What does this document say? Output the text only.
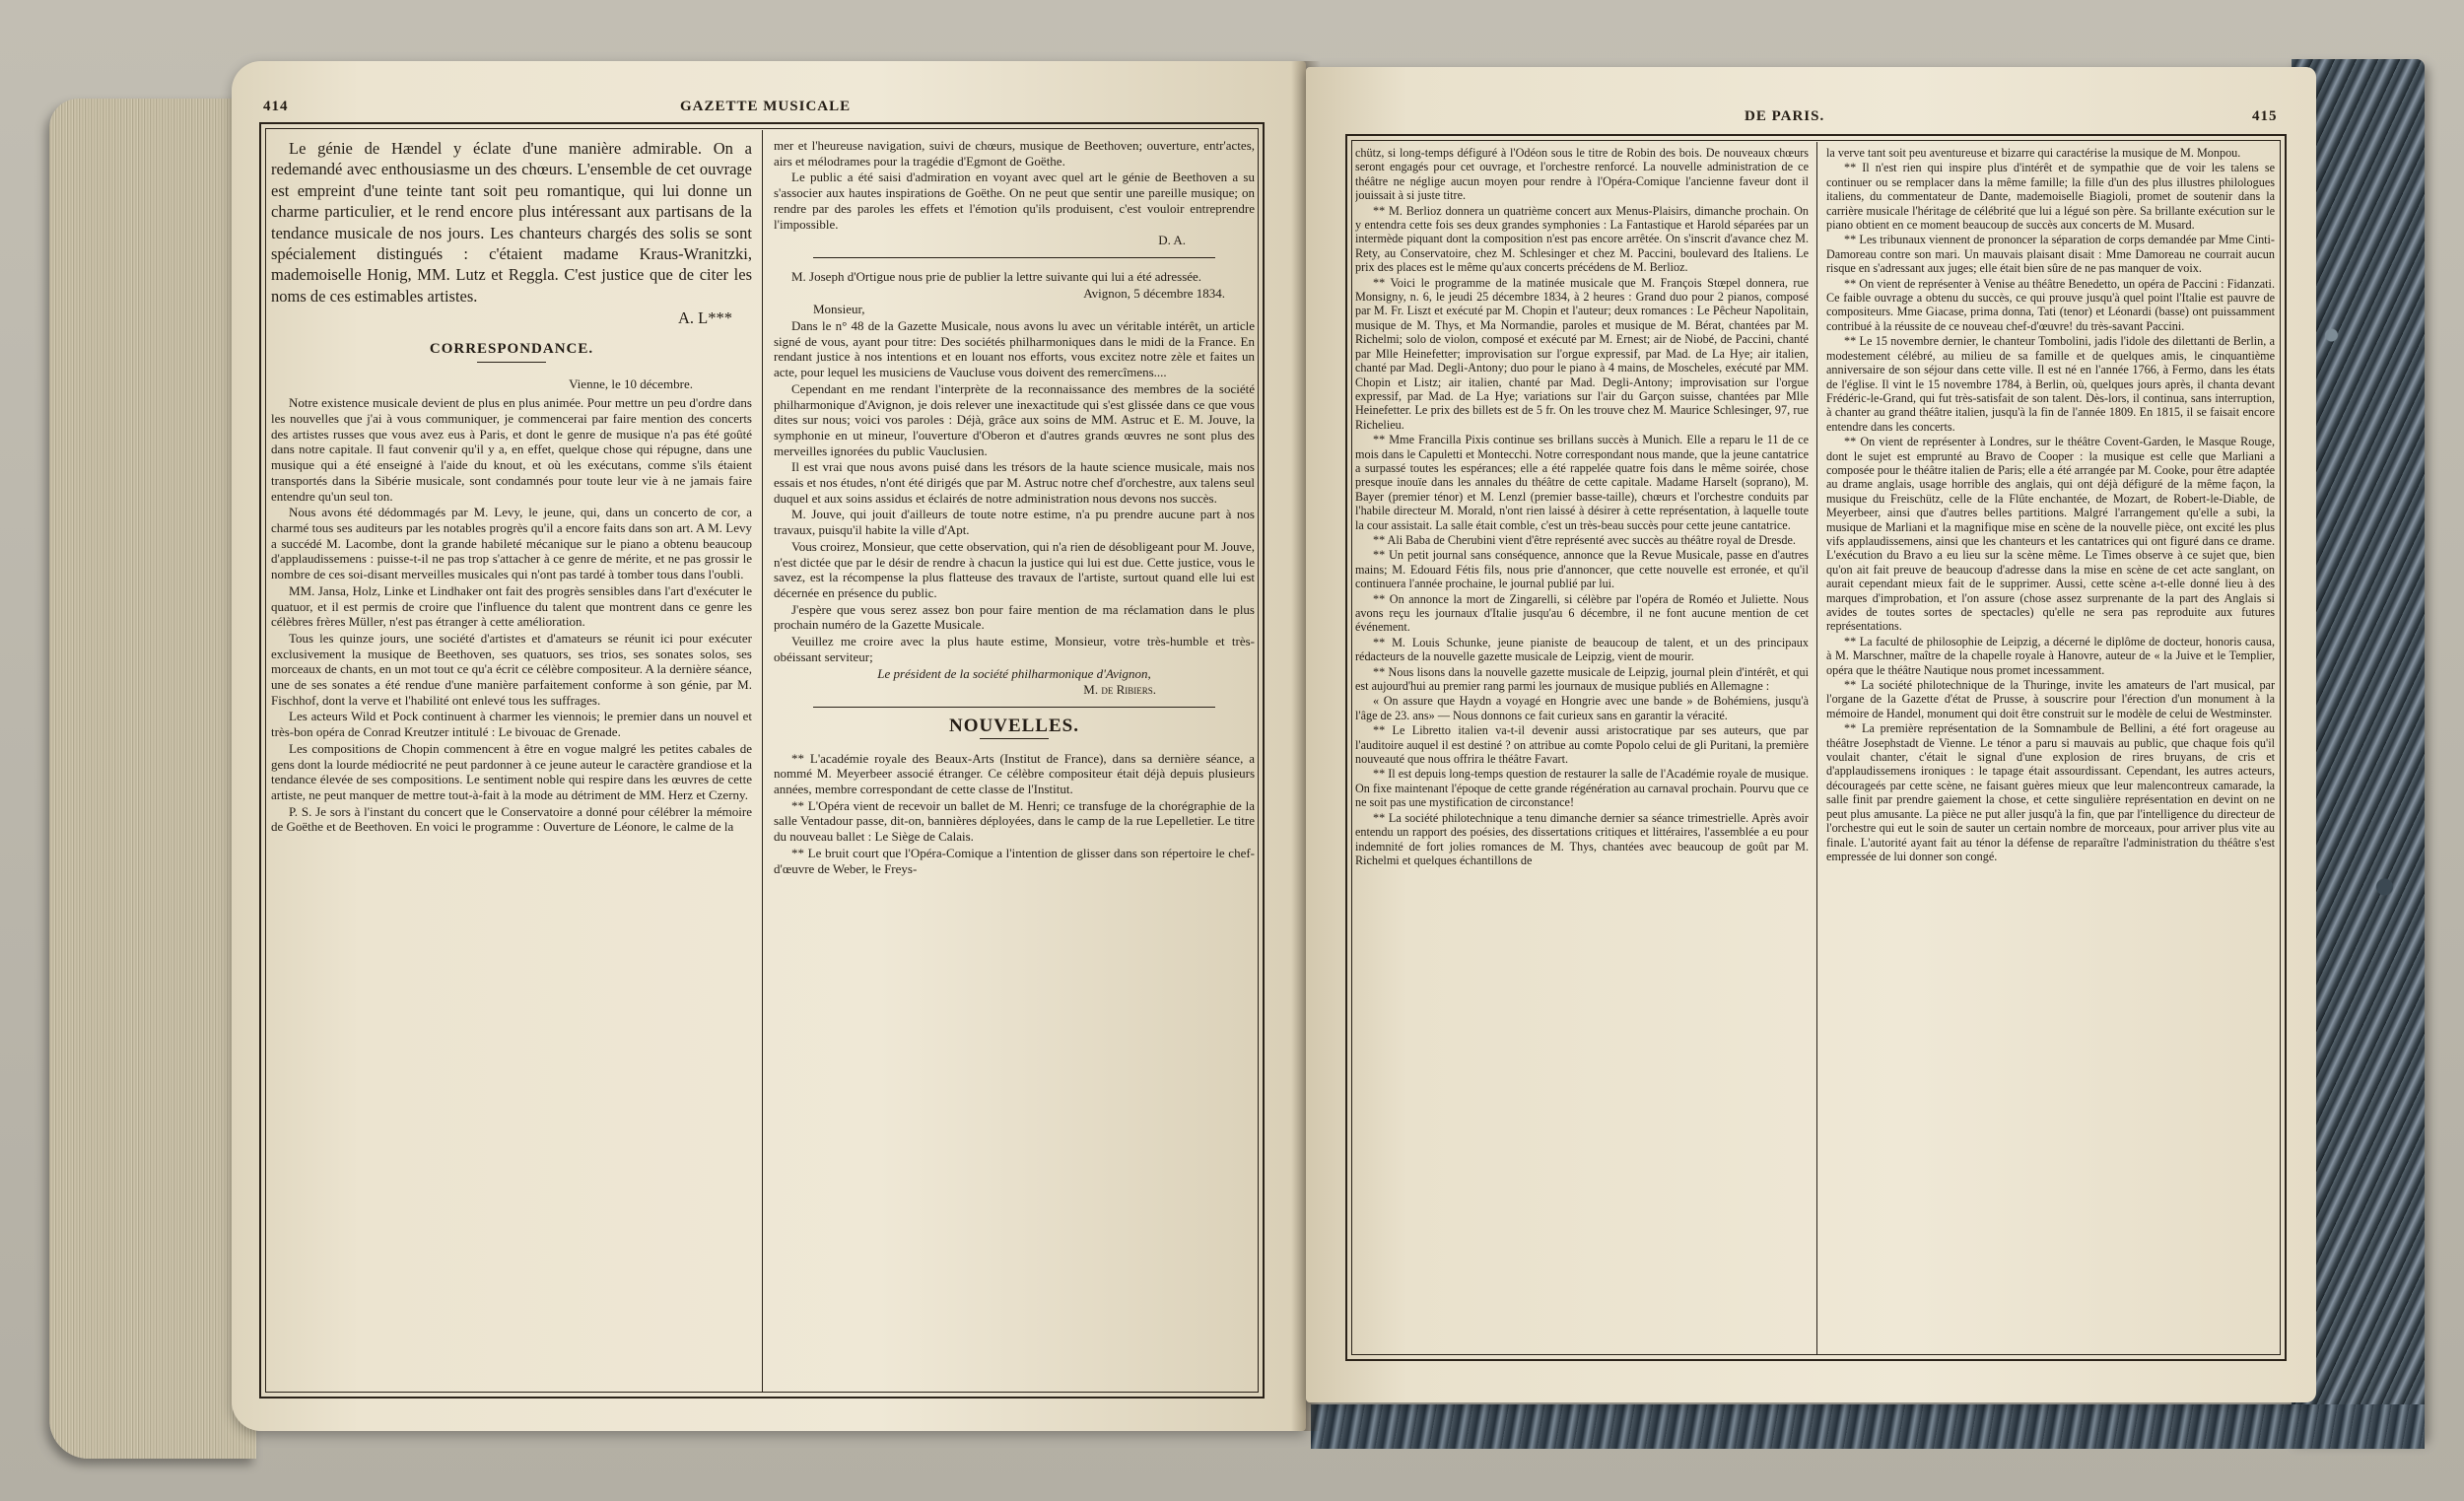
414	GAZETTE MUSICALE

Le génie de Hændel y éclate d'une manière admirable. On a redemandé avec enthousiasme un des chœurs. L'ensemble de cet ouvrage est empreint d'une teinte tant soit peu romantique, qui lui donne un charme particulier, et le rend encore plus intéressant aux partisans de la tendance musicale de nos jours. Les chanteurs chargés des solis se sont spécialement distingués : c'étaient madame Kraus-Wranitzki, mademoiselle Honig, MM. Lutz et Reggla. C'est justice que de citer les noms de ces estimables artistes.

A. L***

CORRESPONDANCE.

Vienne, le 10 décembre.

Notre existence musicale devient de plus en plus animée. Pour mettre un peu d'ordre dans les nouvelles que j'ai à vous communiquer, je commencerai par faire mention des concerts des artistes russes que vous avez eus à Paris, et dont le genre de musique n'a pas été goûté dans notre capitale. Il faut convenir qu'il y a, en effet, quelque chose qui répugne, dans une musique qui a été enseigné à l'aide du knout, et où les exécutans, comme s'ils étaient transportés dans la Sibérie musicale, sont condamnés pour toute leur vie à ne jamais faire entendre qu'un seul ton.

Nous avons été dédommagés par M. Levy, le jeune, qui, dans un concerto de cor, a charmé tous ses auditeurs par les notables progrès qu'il a encore faits dans son art. A M. Levy a succédé M. Lacombe, dont la grande habileté mécanique sur le piano a obtenu beaucoup d'applaudissemens : puisse-t-il ne pas trop s'attacher à ce genre de mérite, et ne pas grossir le nombre de ces soi-disant merveilles musicales qui n'ont pas tardé à tomber tous dans l'oubli.

MM. Jansa, Holz, Linke et Lindhaker ont fait des progrès sensibles dans l'art d'exécuter le quatuor, et il est permis de croire que l'influence du talent que montrent dans ce genre les célèbres frères Müller, n'est pas étranger à cette amélioration.

Tous les quinze jours, une société d'artistes et d'amateurs se réunit ici pour exécuter exclusivement la musique de Beethoven, ses quatuors, ses trios, ses sonates solos, ses morceaux de chants, en un mot tout ce qu'a écrit ce célèbre compositeur. A la dernière séance, une de ses sonates a été rendue d'une manière parfaitement conforme à son génie, par M. Fischhof, dont la verve et l'habilité ont enlevé tous les suffrages.

Les acteurs Wild et Pock continuent à charmer les viennois; le premier dans un nouvel et très-bon opéra de Conrad Kreutzer intitulé : Le bivouac de Grenade.

Les compositions de Chopin commencent à être en vogue malgré les petites cabales de gens dont la lourde médiocrité ne peut pardonner à ce jeune auteur le caractère grandiose et la tendance élevée de ses compositions. Le sentiment noble qui respire dans les œuvres de cette artiste, ne peut manquer de mettre tout-à-fait à la mode au détriment de MM. Herz et Czerny.

P. S. Je sors à l'instant du concert que le Conservatoire a donné pour célébrer la mémoire de Goëthe et de Beethoven. En voici le programme : Ouverture de Léonore, le calme de la

mer et l'heureuse navigation, suivi de chœurs, musique de Beethoven; ouverture, entr'actes, airs et mélodrames pour la tragédie d'Egmont de Goëthe.

Le public a été saisi d'admiration en voyant avec quel art le génie de Beethoven a su s'associer aux hautes inspirations de Goëthe. On ne peut que sentir une pareille musique; on rendre par des paroles les effets et l'émotion qu'ils produisent, c'est vouloir entreprendre l'impossible.

D. A.

M. Joseph d'Ortigue nous prie de publier la lettre suivante qui lui a été adressée.

Avignon, 5 décembre 1834.

Monsieur,

Dans le n° 48 de la Gazette Musicale, nous avons lu avec un véritable intérêt, un article signé de vous, ayant pour titre: Des sociétés philharmoniques dans le midi de la France. En rendant justice à nos intentions et en louant nos efforts, vous excitez notre zèle et faites un acte, pour lequel les musiciens de Vaucluse vous doivent des remercîmens....

Cependant en me rendant l'interprète de la reconnaissance des membres de la société philharmonique d'Avignon, je dois relever une inexactitude qui s'est glissée dans ce que vous dites sur nous; voici vos paroles : Déjà, grâce aux soins de MM. Astruc et E. M. Jouve, la symphonie en ut mineur, l'ouverture d'Oberon et d'autres grands œuvres ne sont plus des merveilles ignorées du public Vauclusien.

Il est vrai que nous avons puisé dans les trésors de la haute science musicale, mais nos essais et nos études, n'ont été dirigés que par M. Astruc notre chef d'orchestre, aux talens seul duquel et aux soins assidus et éclairés de notre administration nous devons nos succès.

M. Jouve, qui jouit d'ailleurs de toute notre estime, n'a pu prendre aucune part à nos travaux, puisqu'il habite la ville d'Apt.

Vous croirez, Monsieur, que cette observation, qui n'a rien de désobligeant pour M. Jouve, n'est dictée que par le désir de rendre à chacun la justice qui lui est due. Cette justice, vous le savez, est la récompense la plus flatteuse des travaux de l'artiste, surtout quand elle lui est décernée en présence du public.

J'espère que vous serez assez bon pour faire mention de ma réclamation dans le plus prochain numéro de la Gazette Musicale.

Veuillez me croire avec la plus haute estime, Monsieur, votre très-humble et très-obéissant serviteur;

Le président de la société philharmonique d'Avignon,

M. de Ribiers.

NOUVELLES.

** L'académie royale des Beaux-Arts (Institut de France), dans sa dernière séance, a nommé M. Meyerbeer associé étranger. Ce célèbre compositeur était déjà depuis plusieurs années, membre correspondant de cette classe de l'Institut.

** L'Opéra vient de recevoir un ballet de M. Henri; ce transfuge de la chorégraphie de la salle Ventadour passe, dit-on, bannières déployées, dans le camp de la rue Lepelletier. Le titre du nouveau ballet : Le Siège de Calais.

** Le bruit court que l'Opéra-Comique a l'intention de glisser dans son répertoire le chef-d'œuvre de Weber, le Freys-

DE PARIS.	415

chütz, si long-temps défiguré à l'Odéon sous le titre de Robin des bois. De nouveaux chœurs seront engagés pour cet ouvrage, et l'orchestre renforcé. La nouvelle administration de ce théâtre ne néglige aucun moyen pour rendre à l'Opéra-Comique l'ancienne faveur dont il jouissait à si juste titre.

** M. Berlioz donnera un quatrième concert aux Menus-Plaisirs, dimanche prochain. On y entendra cette fois ses deux grandes symphonies : La Fantastique et Harold séparées par un intermède piquant dont la composition n'est pas encore arrêtée. On s'inscrit d'avance chez M. Rety, au Conservatoire, chez M. Schlesinger et chez M. Paccini, boulevard des Italiens. Le prix des places est le même qu'aux concerts précédens de M. Berlioz.

** Voici le programme de la matinée musicale que M. François Stœpel donnera, rue Monsigny, n. 6, le jeudi 25 décembre 1834, à 2 heures : Grand duo pour 2 pianos, composé par M. Fr. Liszt et exécuté par M. Chopin et l'auteur; deux romances : Le Pêcheur Napolitain, musique de M. Thys, et Ma Normandie, paroles et musique de M. Bérat, chantées par M. Richelmi; solo de violon, composé et exécuté par M. Ernest; air de Niobé, de Paccini, chanté par Mlle Heinefetter; improvisation sur l'orgue expressif, par Mad. de La Hye; air italien, chanté par Mad. Degli-Antony; duo pour le piano à 4 mains, de Moscheles, exécuté par MM. Chopin et Listz; air italien, chanté par Mad. Degli-Antony; improvisation sur l'orgue expressif, par Mad. de La Hye; variations sur l'air du Garçon suisse, chantées par Mlle Heinefetter. Le prix des billets est de 5 fr. On les trouve chez M. Maurice Schlesinger, 97, rue Richelieu.

** Mme Francilla Pixis continue ses brillans succès à Munich. Elle a reparu le 11 de ce mois dans le Capuletti et Montecchi. Notre correspondant nous mande, que la jeune cantatrice a surpassé toutes les espérances; elle a été rappelée quatre fois dans le même soirée, chose presque inouïe dans les annales du théâtre de cette capitale. Madame Harselt (soprano), M. Bayer (premier ténor) et M. Lenzl (premier basse-taille), chœurs et l'orchestre conduits par l'habile directeur M. Morald, n'ont rien laissé à désirer à cette représentation, à laquelle toute la cour assistait. La salle était comble, c'est un très-beau succès pour cette jeune cantatrice.

** Ali Baba de Cherubini vient d'être représenté avec succès au théâtre royal de Dresde.

** Un petit journal sans conséquence, annonce que la Revue Musicale, passe en d'autres mains; M. Edouard Fétis fils, nous prie d'annoncer, que cette nouvelle est erronée, et qu'il continuera l'année prochaine, le journal publié par lui.

** On annonce la mort de Zingarelli, si célèbre par l'opéra de Roméo et Juliette. Nous avons reçu les journaux d'Italie jusqu'au 6 décembre, il ne font aucune mention de cet événement.

** M. Louis Schunke, jeune pianiste de beaucoup de talent, et un des principaux rédacteurs de la nouvelle gazette musicale de Leipzig, vient de mourir.

** Nous lisons dans la nouvelle gazette musicale de Leipzig, journal plein d'intérêt, et qui est aujourd'hui au premier rang parmi les journaux de musique publiés en Allemagne :

« On assure que Haydn a voyagé en Hongrie avec une bande » de Bohémiens, jusqu'à l'âge de 23. ans» — Nous donnons ce fait curieux sans en garantir la véracité.

** Le Libretto italien va-t-il devenir aussi aristocratique par ses auteurs, que par l'auditoire auquel il est destiné ? on attribue au comte Popolo celui de gli Puritani, la première nouveauté que nous offrira le théâtre Favart.

** Il est depuis long-temps question de restaurer la salle de l'Académie royale de musique. On fixe maintenant l'époque de cette grande régénération au carnaval prochain. Pourvu que ce ne soit pas une mystification de circonstance!

** La société philotechnique a tenu dimanche dernier sa séance trimestrielle. Après avoir entendu un rapport des poésies, des dissertations critiques et littéraires, l'assemblée a eu pour indemnité de fort jolies romances de M. Thys, chantées avec beaucoup de goût par M. Richelmi et quelques échantillons de

la verve tant soit peu aventureuse et bizarre qui caractérise la musique de M. Monpou.

** Il n'est rien qui inspire plus d'intérêt et de sympathie que de voir les talens se continuer ou se remplacer dans la même famille; la fille d'un des plus illustres philologues italiens, du commentateur de Dante, mademoiselle Biagioli, promet de soutenir dans la carrière musicale l'héritage de célébrité que lui a légué son père. Sa brillante exécution sur le piano obtient en ce moment beaucoup de succès aux concerts de M. Musard.

** Les tribunaux viennent de prononcer la séparation de corps demandée par Mme Cinti-Damoreau contre son mari. Un mauvais plaisant disait : Mme Damoreau ne courrait aucun risque en s'adressant aux juges; elle était bien sûre de ne pas manquer de voix.

** On vient de représenter à Venise au théâtre Benedetto, un opéra de Paccini : Fidanzati. Ce faible ouvrage a obtenu du succès, ce qui prouve jusqu'à quel point l'Italie est pauvre de compositeurs. Mme Giacase, prima donna, Tati (tenor) et Léonardi (basse) ont puissamment contribué à la réussite de ce nouveau chef-d'œuvre! du très-savant Paccini.

** Le 15 novembre dernier, le chanteur Tombolini, jadis l'idole des dilettanti de Berlin, a modestement célébré, au milieu de sa famille et de quelques amis, le cinquantième anniversaire de son séjour dans cette ville. Il est né en l'année 1766, à Fermo, dans les états de l'église. Il vint le 15 novembre 1784, à Berlin, où, quelques jours après, il chanta devant Frédéric-le-Grand, qui fut très-satisfait de son talent. Dès-lors, il continua, sans interruption, à chanter au grand théâtre italien, jusqu'à la fin de l'année 1809. En 1815, il se faisait encore entendre dans les concerts.

** On vient de représenter à Londres, sur le théâtre Covent-Garden, le Masque Rouge, dont le sujet est emprunté au Bravo de Cooper : la musique est celle que Marliani a composée pour le théâtre italien de Paris; elle a été arrangée par M. Cooke, pour être adaptée au drame anglais, usage horrible des anglais, qui ont déjà défiguré de la même façon, la musique du Freischütz, celle de la Flûte enchantée, de Mozart, de Robert-le-Diable, de Meyerbeer, ainsi que d'autres belles partitions. Malgré l'arrangement qu'elle a subi, la musique de Marliani et la magnifique mise en scène de la nouvelle pièce, ont excité les plus vifs applaudissemens, ainsi que les chanteurs et les cantatrices qui ont figuré dans ce drame. L'exécution du Bravo a eu lieu sur la scène même. Le Times observe à ce sujet que, bien qu'on ait fait preuve de beaucoup d'adresse dans la mise en scène de cet acte sanglant, on aurait cependant mieux fait de le supprimer. Aussi, cette scène a-t-elle donné lieu à des marques d'improbation, et l'on assure (chose assez surprenante de la part des Anglais si avides de toutes sortes de spectacles) qu'elle ne sera pas reproduite aux futures représentations.

** La faculté de philosophie de Leipzig, a décerné le diplôme de docteur, honoris causa, à M. Marschner, maître de la chapelle royale à Hanovre, auteur de « la Juive et le Templier, opéra que le théâtre Nautique nous promet incessamment.

** La société philotechnique de la Thuringe, invite les amateurs de l'art musical, par l'organe de la Gazette d'état de Prusse, à souscrire pour l'érection d'un monument à la mémoire de Handel, monument qui doit être construit sur le modèle de celui de Westminster.

** La première représentation de la Somnambule de Bellini, a été fort orageuse au théâtre Josephstadt de Vienne. Le ténor a paru si mauvais au public, que chaque fois qu'il voulait chanter, c'était le signal d'une explosion de rires bruyans, de cris et d'applaudissemens ironiques : le tapage était assourdissant. Cependant, les autres acteurs, décourageés par cette scène, ne faisant guères mieux que leur malencontreux camarade, la salle finit par prendre gaiement la chose, et cette singulière représentation en devint on ne peut plus amusante. La pièce ne put aller jusqu'à la fin, que par l'intelligence du directeur de l'orchestre qui eut le soin de sauter un certain nombre de morceaux, pour arriver plus vite au finale. L'autorité ayant fait au ténor la défense de reparaître l'administration du théâtre s'est empressée de lui donner son congé.
